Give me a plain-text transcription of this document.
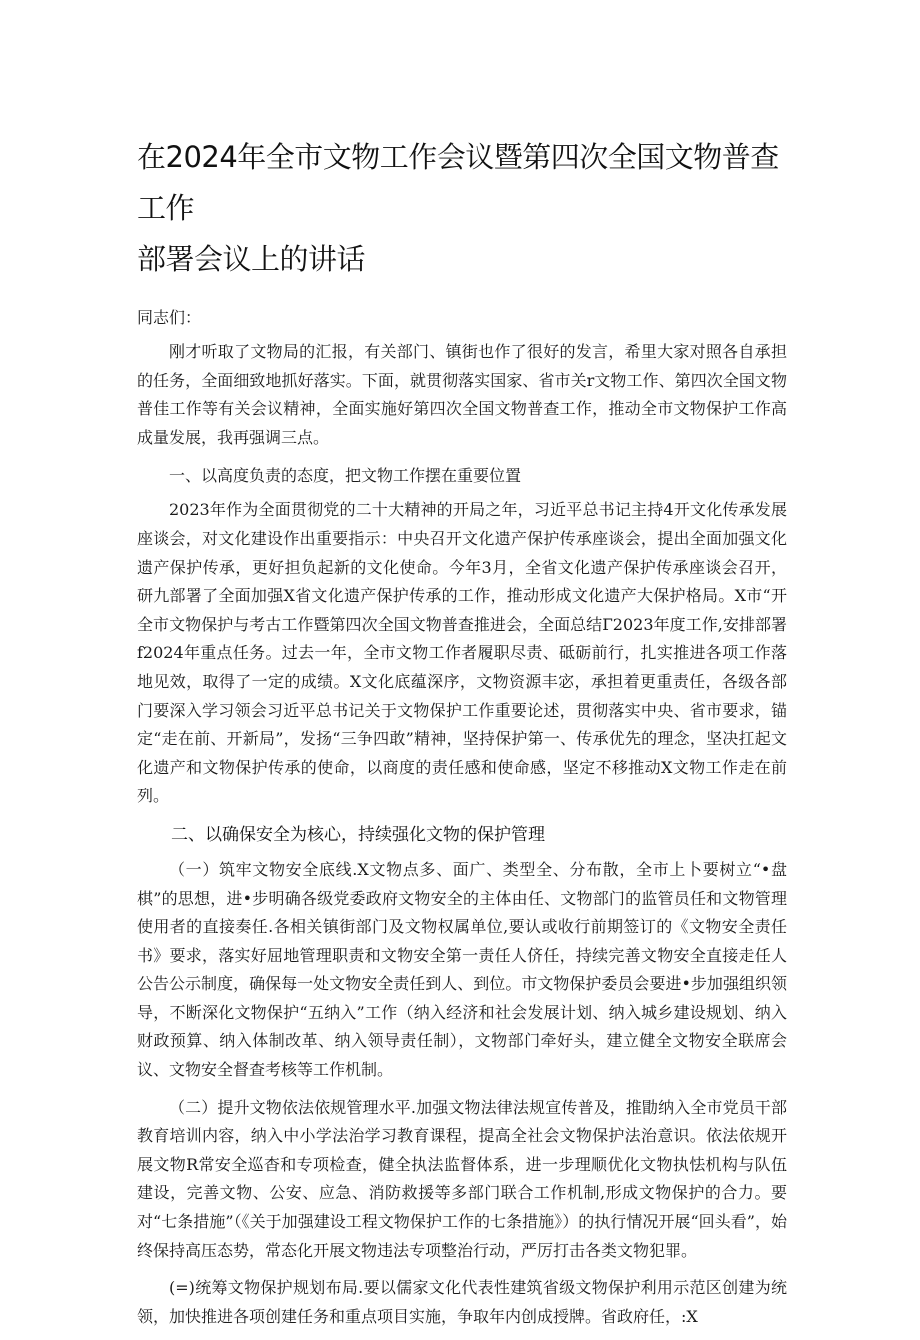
在2024年全市文物工作会议暨第四次全国文物普查工作
部署会议上的讲话

同志们：

刚才听取了文物局的汇报，有关部门、镇街也作了很好的发言，希里大家对照各自承担的任务，全面细致地抓好落实。下面，就贯彻落实国家、省市关r文物工作、第四次全国文物普佳工作等有关会议精神，全面实施好第四次全国文物普查工作，推动全市文物保护工作高成量发展，我再强调三点。

一、以高度负责的态度，把文物工作摆在重要位置

2023年作为全面贯彻党的二十大精神的开局之年，习近平总书记主持4开文化传承发展座谈会，对文化建设作出重要指示：中央召开文化遗产保护传承座谈会，提出全面加强文化遗产保护传承，更好担负起新的文化使命。今年3月，全省文化遗产保护传承座谈会召开，研九部署了全面加强X省文化遗产保护传承的工作，推动形成文化遗产大保护格局。X市“开全市文物保护与考古工作暨第四次全国文物普查推进会，全面总结Г2023年度工作,安排部署f2024年重点任务。过去一年，全市文物工作者履职尽责、砥砺前行，扎实推进各项工作落地见效，取得了一定的成绩。X文化底蕴深序，文物资源丰宓，承担着更重责任，各级各部门要深入学习领会习近平总书记关于文物保护工作重要论述，贯彻落实中央、省市要求，锚定“走在前、开新局”，发扬“三争四敢”精神，坚持保护第一、传承优先的理念，坚决扛起文化遗产和文物保护传承的使命，以商度的责任感和使命感，坚定不移推动X文物工作走在前列。

二、以确保安全为核心，持续强化文物的保护管理

（一）筑牢文物安全底线.X文物点多、面广、类型全、分布散，全市上卜要树立“•盘棋”的思想，进•步明确各级党委政府文物安全的主体由任、文物部门的监管员任和文物管理使用者的直接奏任.各相关镇街部门及文物权属单位,要认或收行前期签订的《文物安全责任书》要求，落实好屈地管理职责和文物安全第一责任人侪任，持续完善文物安全直接走任人公告公示制度，确保每一处文物安全责任到人、到位。市文物保护委员会要进•步加强组织领导，不断深化文物保护“五纳入”工作（纳入经济和社会发展计划、纳入城乡建设规划、纳入财政预算、纳入体制改革、纳入领导责任制），文物部门牵好头，建立健全文物安全联席会议、文物安全督查考核等工作机制。

（二）提升文物依法依规管理水平.加强文物法律法规宣传普及，推勖纳入全市党员干部教育培训内容，纳入中小学法治学习教育课程，提高全社会文物保护法治意识。依法依规开展文物R常安全巡杳和专项检查，健全执法监督体系，进一步理顺优化文物执怯机构与队伍建设，完善文物、公安、应急、消防救援等多部门联合工作机制,形成文物保护的合力。要对“七条措施”（《关于加强建设工程文物保护工作的七条措施》）的执行情况开展“回头看”，始终保持高压态势，常态化开展文物违法专项整治行动，严厉打击各类文物犯罪。

(=)统筹文物保护规划布局.要以儒家文化代表性建筑省级文物保护利用示范区创建为统领，加快推进各项创建任务和重点项目实施，争取年内创成授牌。省政府任，:X
